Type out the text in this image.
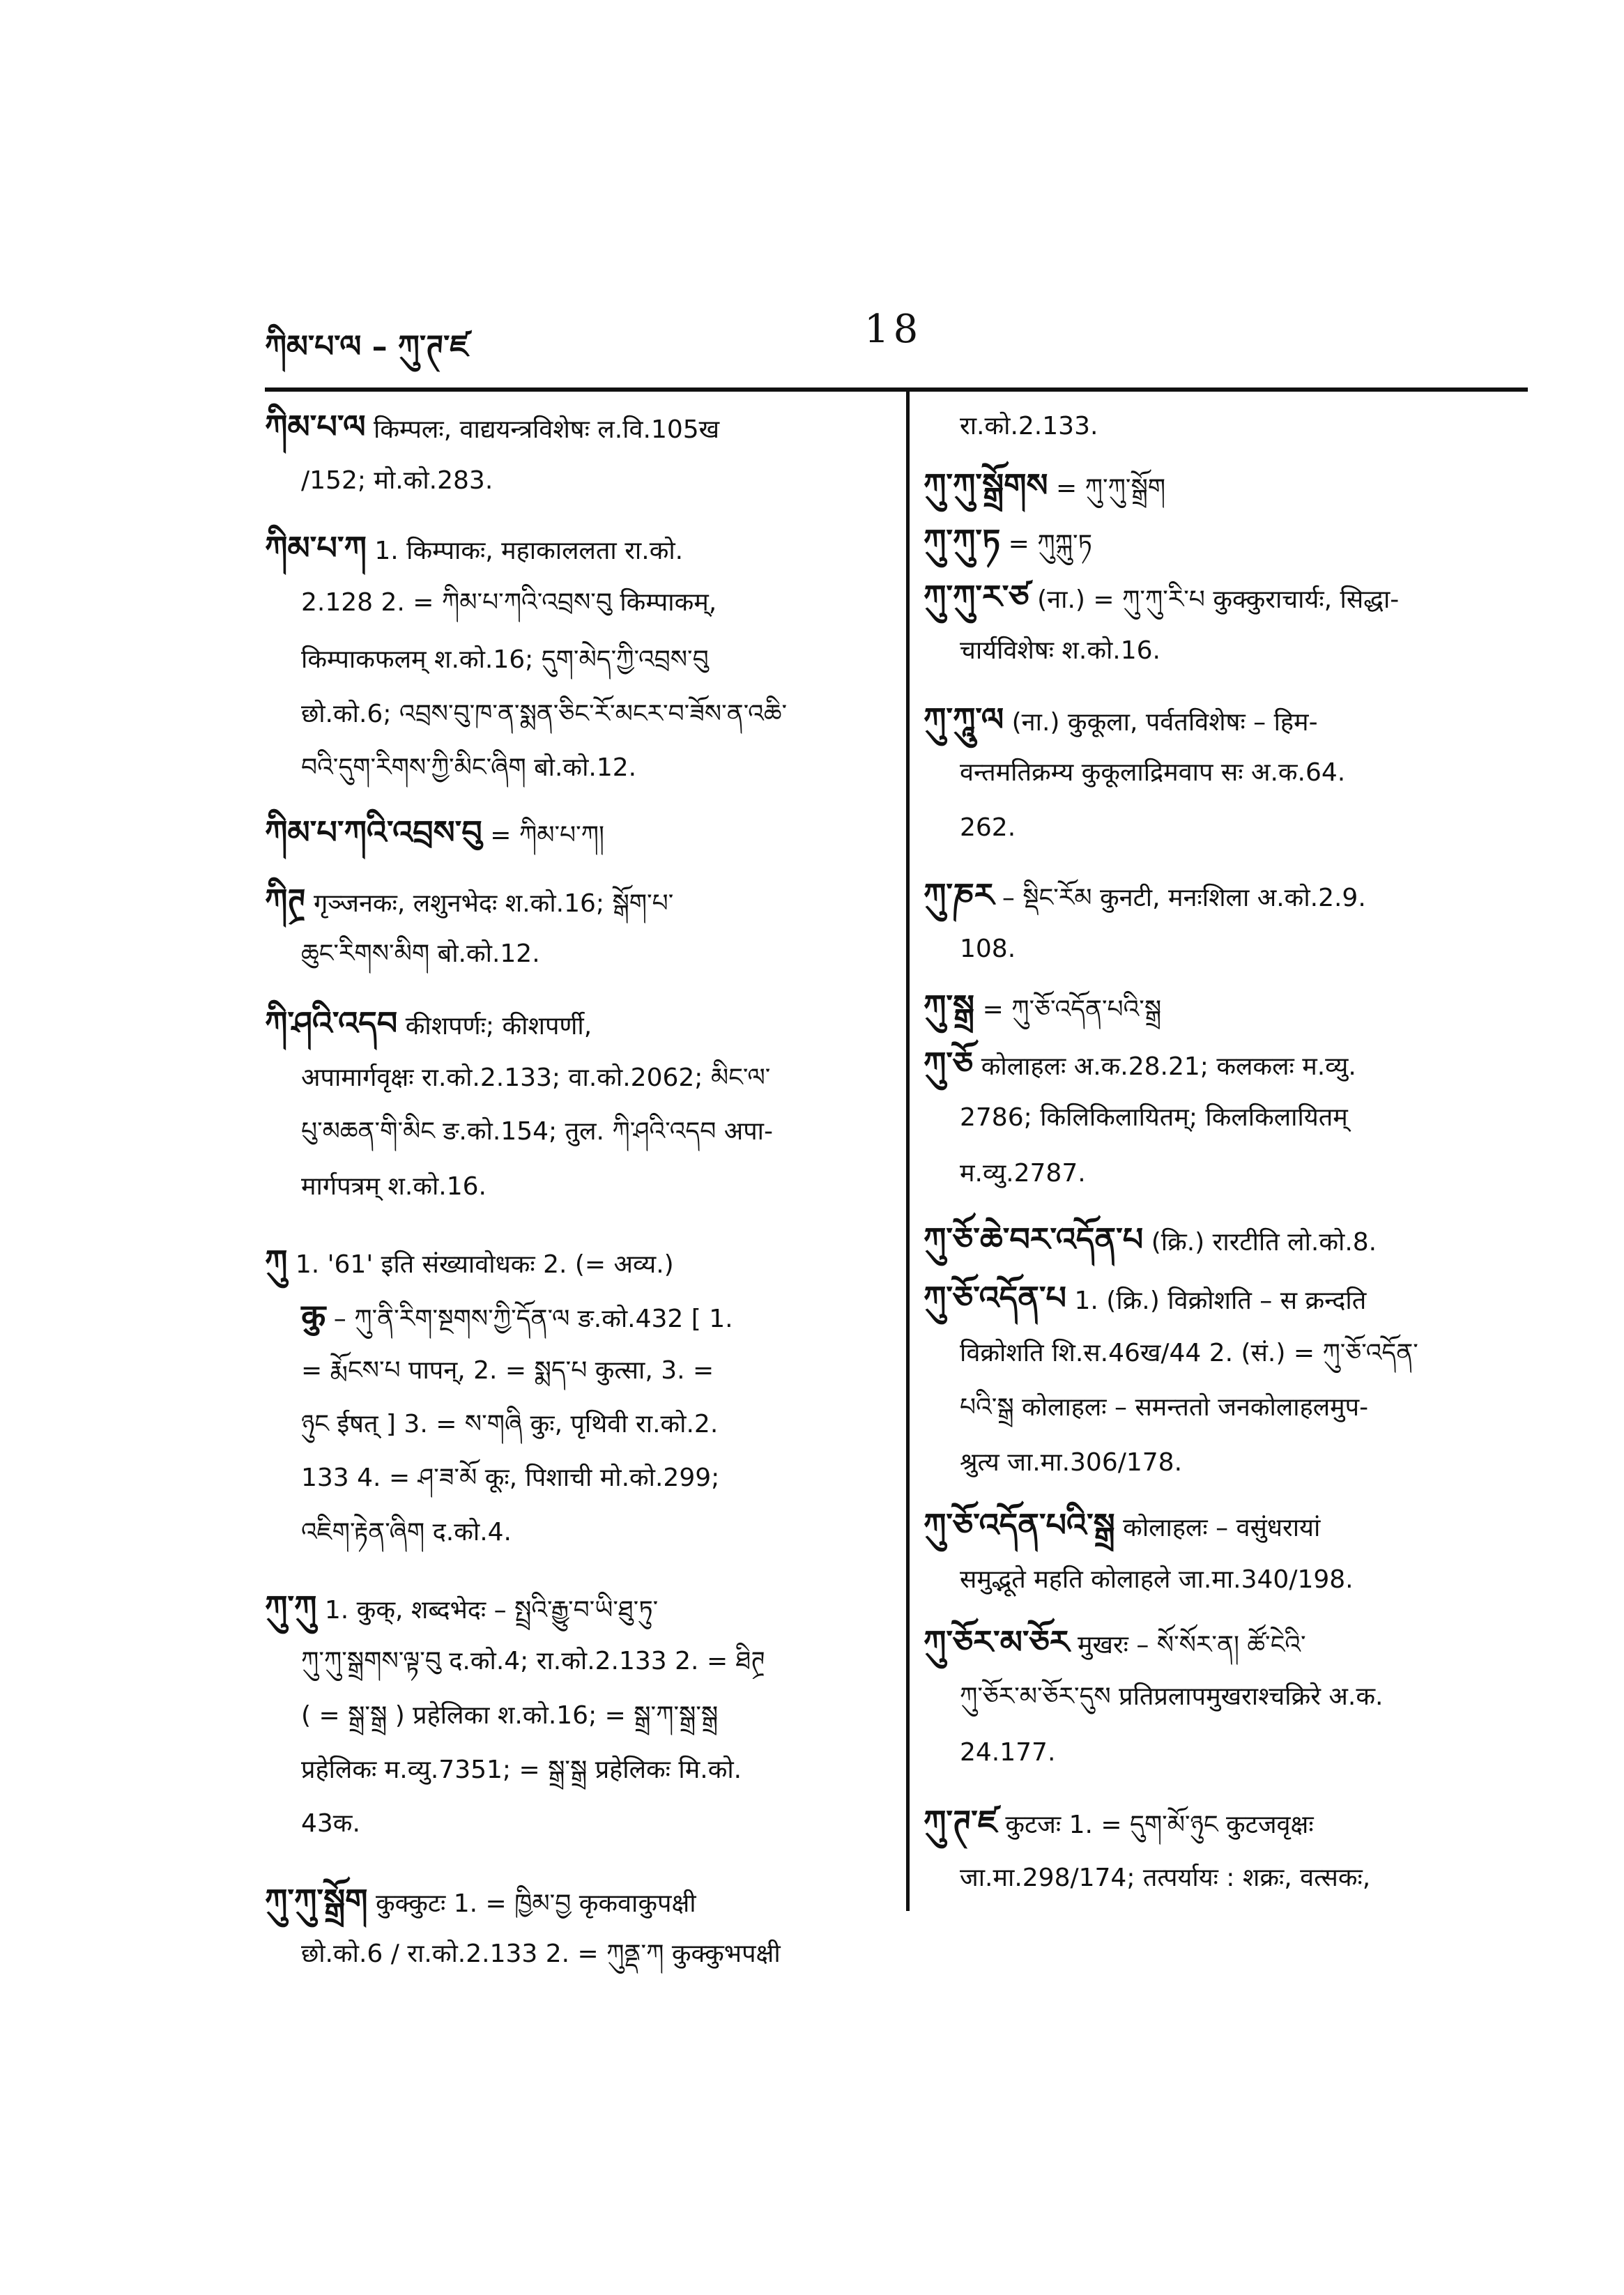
ཀིམ་པ་ལ – ཀུ་ཊ་ཛ	18
ཀིམ་པ་ལ किम्पलः, वाद्ययन्त्रविशेषः ल.वि.105ख
/152; मो.को.283.
ཀིམ་པ་ཀ 1. किम्पाकः, महाकाललता रा.को.
2.128 2. = ཀིམ་པ་ཀའི་འབྲས་བུ किम्पाकम्,
किम्पाकफलम् श.को.16; དུག་མེད་ཀྱི་འབྲས་བུ
छो.को.6; འབྲས་བུ་ཁ་ན་སྨན་ཅིང་རོ་མངར་བ་ཟོས་ན་འཆི་
བའི་དུག་རིགས་ཀྱི་མིང་ཞིག बो.को.12.
ཀིམ་པ་ཀའི་འབྲས་བུ = ཀིམ་པ་ཀ།
ཀིཊྲ गृञ्जनकः, लशुनभेदः श.को.16; སྒོག་པ་
ཆུང་རིགས་མིག बो.को.12.
ཀི་ཤའི་འདབ कीशपर्णः; कीशपर्णी,
अपामार्गवृक्षः रा.को.2.133; वा.को.2062; མིང་ལ་
པུ་མཆན་གི་མིང ङ.को.154; तुल. ཀི་ཤའི་འདབ अपा-
मार्गपत्रम् श.को.16.
ཀུ 1. '61' इति संख्यावोधकः 2. (= अव्य.)
कु – ཀུ་ནི་རིག་སྔགས་ཀྱི་དོན་ལ ङ.को.432 [ 1.
= རྨོངས་པ पापन्, 2. = སྨད་པ कुत्सा, 3. =
ཉུང ईषत् ] 3. = ས་གཞི कुः, पृथिवी रा.को.2.
133 4. = ཤ་ཟ་མོ कूः, पिशाची मो.को.299;
འཇིག་རྟེན་ཞིག द.को.4.
ཀུ་ཀུ 1. कुक्, शब्दभेदः – སྤྲའི་རྒྱུ་བ་ཡི་ཐུ་ཏུ་
ཀུ་ཀུ་སྒྲགས་ལྟ་བུ द.को.4; रा.को.2.133 2. = ཐིཊྲ
( = སྒྲ་སྒྲ ) प्रहेलिका श.को.16; = སྒྲ་ཀ་སྒྲ་སྒྲ
प्रहेलिकः म.व्यु.7351; = སྒྲ་སྒྲ प्रहेलिकः मि.को.
43क.
ཀུ་ཀུ་སྒྲོག कुक्कुटः 1. = ཁྱིམ་བྱ कृकवाकुपक्षी
छो.को.6 / रा.को.2.133 2. = ཀུནྡ་ཀ कुक्कुभपक्षी
रा.को.2.133.
ཀུ་ཀུ་སྒྲོགས = ཀུ་ཀུ་སྒྲོག
ཀུ་ཀུ་ཏ = ཀུཀྐུ་ཏ
ཀུ་ཀུ་ར་ཙ (ना.) = ཀུ་ཀུ་རི་པ कुक्कुराचार्यः, सिद्धा-
चार्यविशेषः श.को.16.
ཀུ་ཀཱུ་ལ (ना.) कुकूला, पर्वतविशेषः – हिम-
वन्तमतिक्रम्य कुकूलाद्रिमवाप सः अ.क.64.
262.
ཀུ་ཎར – སྡིང་རོམ कुनटी, मनःशिला अ.को.2.9.
108.
ཀུ་སྒྲ = ཀུ་ཅོ་འདོན་པའི་སྒྲ
ཀུ་ཅོ कोलाहलः अ.क.28.21; कलकलः म.व्यु.
2786; किलिकिलायितम्; किलकिलायितम्
म.व्यु.2787.
ཀུ་ཅོ་ཆེ་བར་འདོན་པ (क्रि.) रारटीति लो.को.8.
ཀུ་ཅོ་འདོན་པ 1. (क्रि.) विक्रोशति – स क्रन्दति
विक्रोशति शि.स.46ख/44 2. (सं.) = ཀུ་ཅོ་འདོན་
པའི་སྒྲ कोलाहलः – समन्ततो जनकोलाहलमुप-
श्रुत्य जा.मा.306/178.
ཀུ་ཅོ་འདོན་པའི་སྒྲ कोलाहलः – वसुंधरायां
समुद्भूते महति कोलाहले जा.मा.340/198.
ཀུ་ཅོར་མ་ཅོར मुखरः – སོ་སོར་ན། ཚོ་ངེའི་
ཀུ་ཅོར་མ་ཅོར་དུས प्रतिप्रलापमुखराश्चक्रिरे अ.क.
24.177.
ཀུ་ཊ་ཛ कुटजः 1. = དུག་མོ་ཉུང कुटजवृक्षः
जा.मा.298/174; तत्पर्यायः : शक्रः, वत्सकः,
